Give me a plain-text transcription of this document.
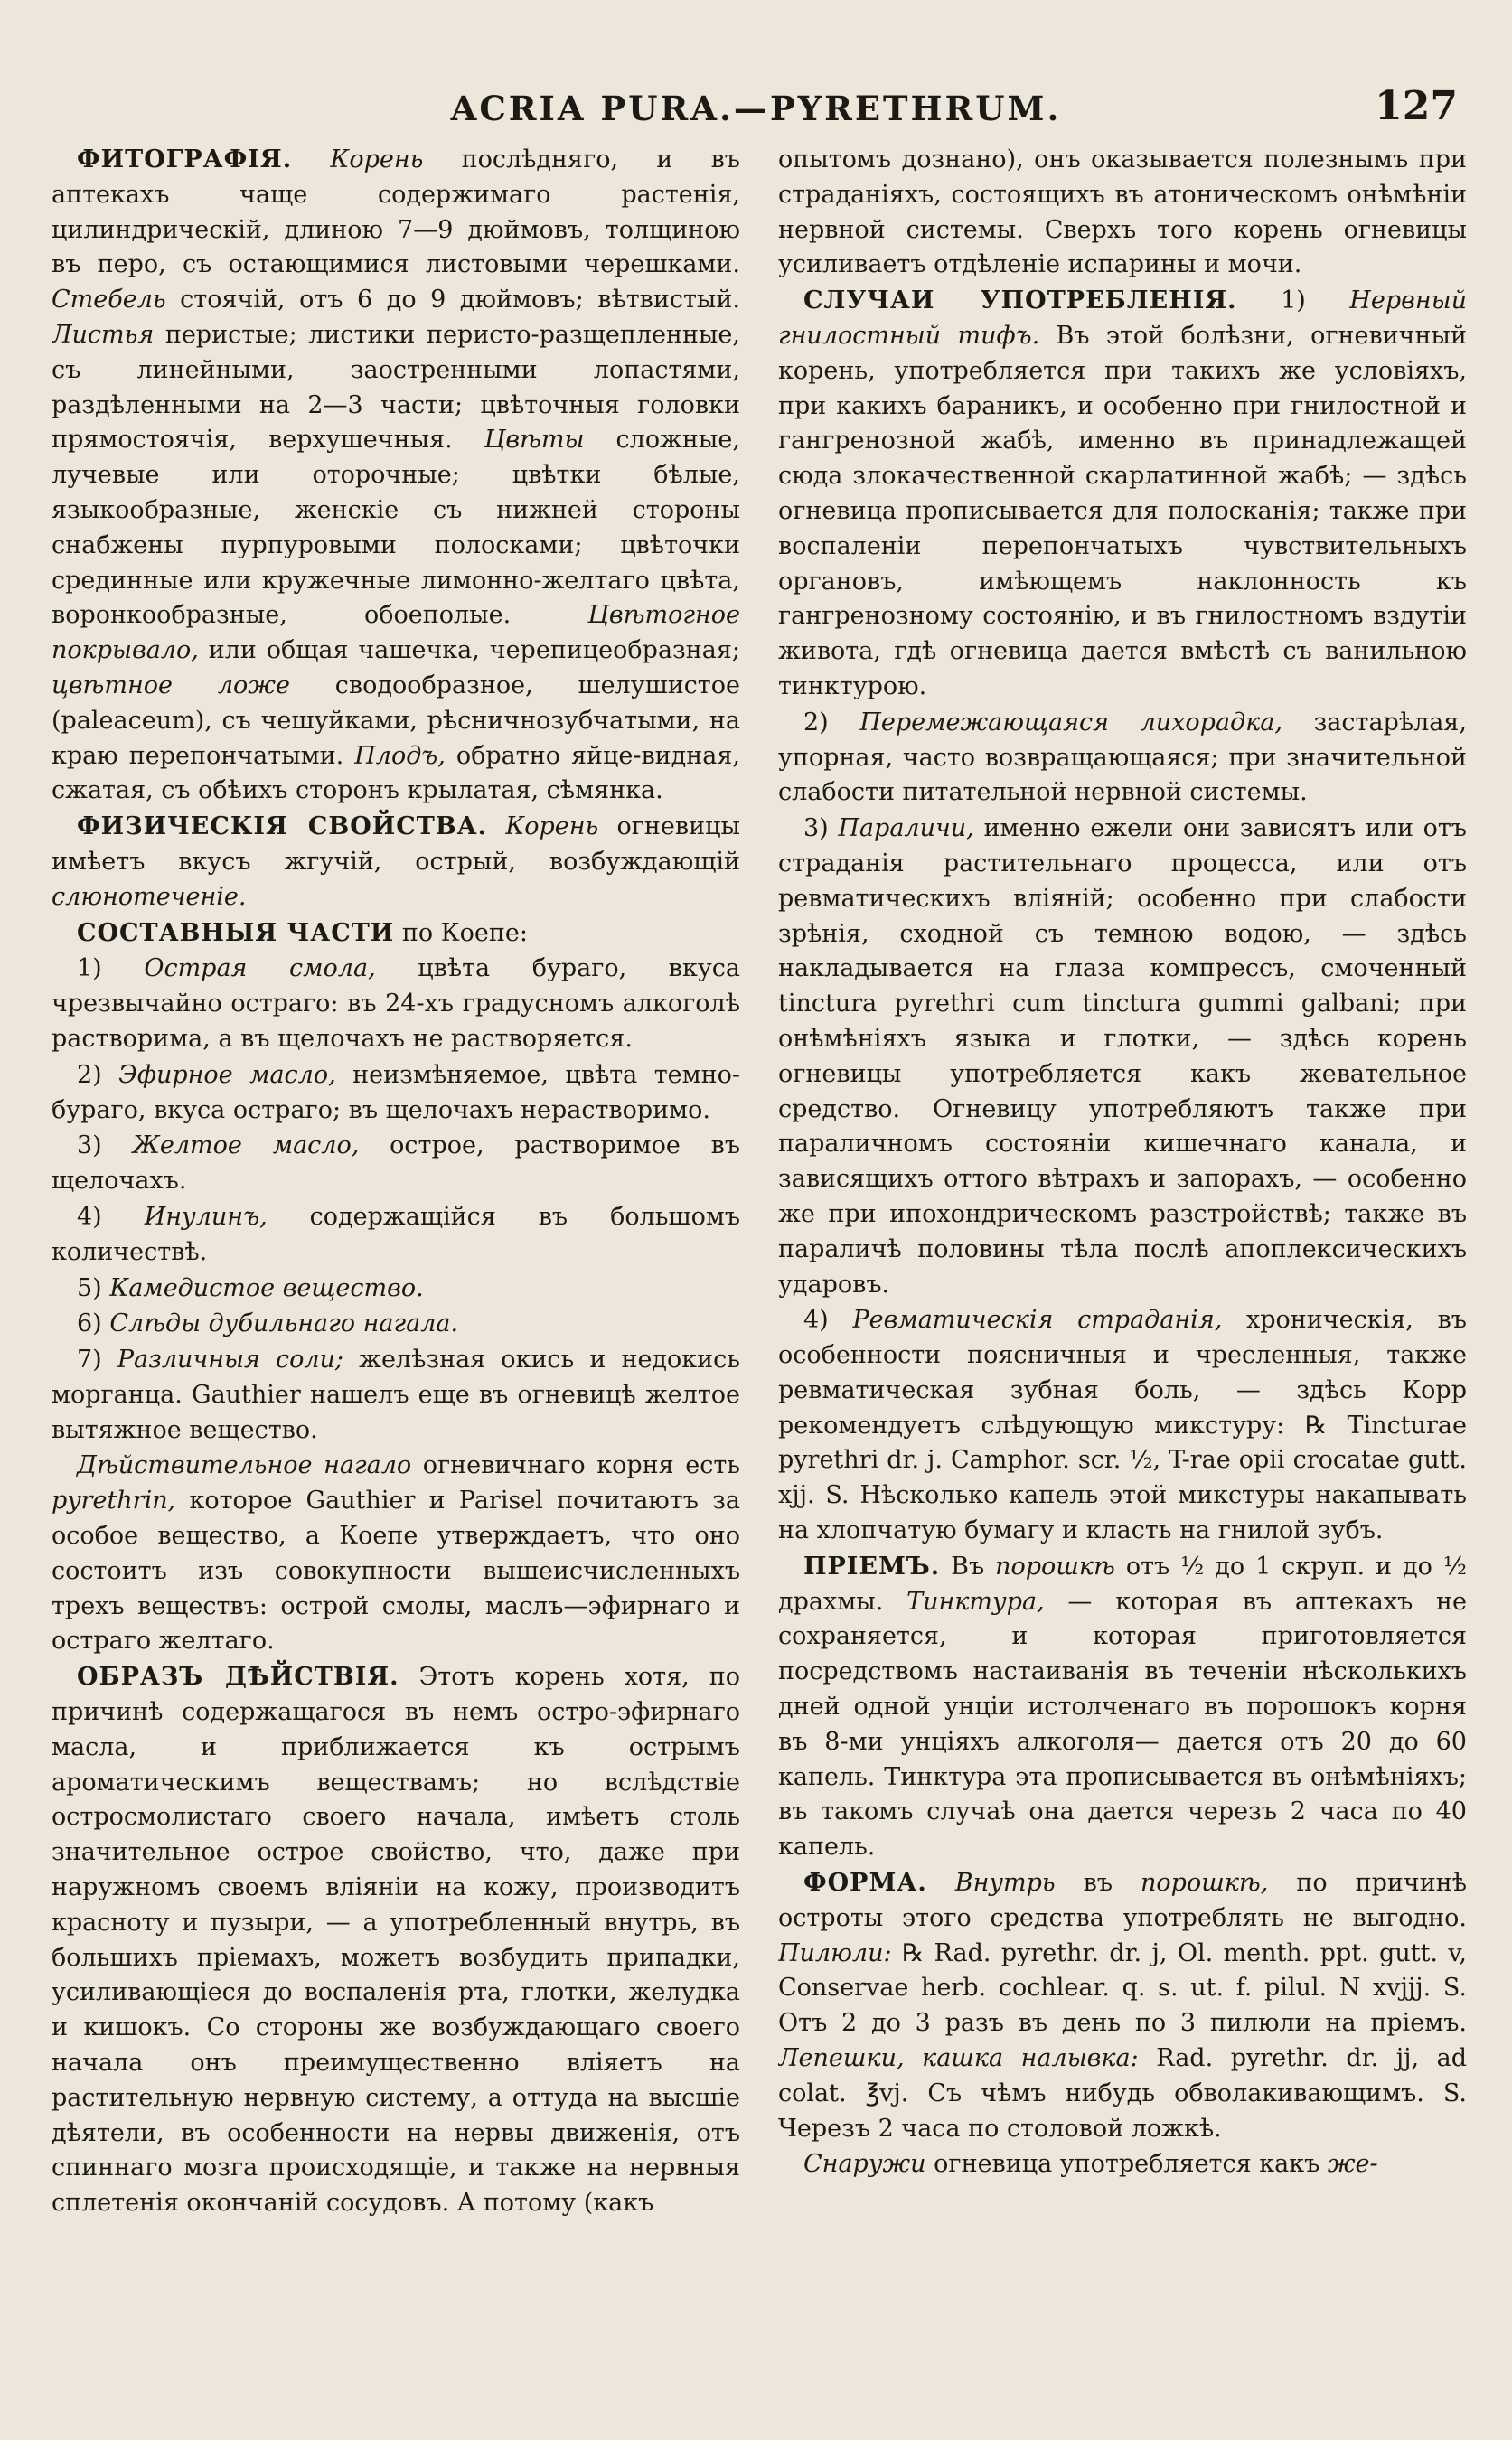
ACRIA PURA.—PYRETHRUM.	127

ФИТОГРАФІЯ. Корень послѣдняго, и въ аптекахъ чаще содержимаго растенія, цилиндрическій, длиною 7—9 дюймовъ, толщиною въ перо, съ остающимися листовыми черешками. Стебель стоячій, отъ 6 до 9 дюймовъ; вѣтвистый. Листья перистые; листики перисто-разщепленные, съ линейными, заостренными лопастями, раздѣленными на 2—3 части; цвѣточныя головки прямостоячія, верхушечныя. Цвѣты сложные, лучевые или оторочные; цвѣтки бѣлые, языкообразные, женскіе съ нижней стороны снабжены пурпуровыми полосками; цвѣточки срединные или кружечные лимонно-желтаго цвѣта, воронкообразные, обоеполые.	Цвѣтогное покрывало, или общая чашечка, черепицеобразная; цвѣтное ложе сводообразное, шелушистое (paleaceum), съ чешуйками, рѣсничнозубчатыми, на краю перепончатыми. Плодъ, обратно яйце-видная, сжатая, съ обѣихъ сторонъ крылатая, сѣмянка.

ФИЗИЧЕСКІЯ СВОЙСТВА. Корень огневицы имѣетъ вкусъ жгучій, острый, возбуждающій слюнотеченіе.

СОСТАВНЫЯ ЧАСТИ по Коепе:

1) Острая смола, цвѣта бураго, вкуса чрезвычайно остраго: въ 24-хъ градусномъ алкоголѣ растворима, а въ щелочахъ не растворяется.

2) Эфирное масло, неизмѣняемое, цвѣта темно-бураго, вкуса остраго; въ щелочахъ нерастворимо.

3) Желтое масло, острое, растворимое въ щелочахъ.

4) Инулинъ, содержащійся въ большомъ количествѣ.

5) Камедистое вещество.

6) Слѣды дубильнаго нагала.

7) Различныя соли; желѣзная окись и недокись морганца. Gauthier нашелъ еще въ огневицѣ желтое вытяжное вещество.

Дѣйствительное нагало огневичнаго корня есть pyrethrin, которое Gauthier и Parisel почитаютъ за особое вещество, а Коепе утверждаетъ, что оно состоитъ изъ совокупности вышеисчисленныхъ трехъ веществъ: острой смолы, маслъ—эфирнаго и остраго желтаго.

ОБРАЗЪ ДѢЙСТВІЯ. Этотъ корень хотя, по причинѣ содержащагося въ немъ остро-эфирнаго масла, и приближается къ острымъ ароматическимъ веществамъ; но вслѣдствіе остросмолистаго своего начала, имѣетъ столь значительное острое свойство, что, даже при наружномъ своемъ вліяніи на кожу, производитъ краснoту и пузыри, — а употребленный внутрь, въ большихъ пріемахъ, можетъ возбудить припадки, усиливающіеся до воспаленія рта, глотки, желудка и кишокъ. Со стороны же возбуждающаго своего начала онъ преимущественно вліяетъ на растительную нервную систему, а оттуда на высшіе дѣятели, въ особенности на нервы движенія, отъ спиннаго мозга происходящіе, и также на нервныя сплетенія окончаній сосудовъ. А потому (какъ

опытомъ дознано), онъ оказывается полезнымъ при страданіяхъ, состоящихъ въ атоническомъ онѣмѣніи нервной системы. Сверхъ того корень огневицы усиливаетъ отдѣленіе испарины и мочи.

СЛУЧАИ УПОТРЕБЛЕНІЯ. 1) Нервный гнилостный тифъ. Въ этой болѣзни, огневичный корень, употребляется при такихъ же условіяхъ, при какихъ бараникъ, и особенно при гнилостной и гангренозной жабѣ, именно въ принадлежащей сюда злокачественной скарлатинной жабѣ; — здѣсь огневица прописывается для полосканія; также при воспаленіи перепончатыхъ чувствительныхъ органовъ, имѣющемъ наклонность къ гангренозному состоянію, и въ гнилостномъ вздутіи живота, гдѣ огневица дается вмѣстѣ съ ванильною тинктурою.

2) Перемежающаяся лихорадка, застарѣлая, упорная, часто возвращающаяся; при значительной слабости питательной нервной системы.

3) Параличи, именно ежели они зависятъ или отъ страданія растительнаго процесса, или отъ ревматическихъ вліяній; особенно при слабости зрѣнія, сходной съ темною водою, — здѣсь накладывается на глаза компрессъ, смоченный tinctura pyrethri cum tinctura gummi galbani; при онѣмѣніяхъ языка и глотки, — здѣсь корень огневицы употребляется какъ жевательное средство. Огневицу употребляютъ также при параличномъ состояніи кишечнаго канала, и зависящихъ оттого вѣтрахъ и запорахъ, — особенно же при ипохондрическомъ разстройствѣ; также въ параличѣ половины тѣла послѣ апоплексическихъ ударовъ.

4) Ревматическія страданія, хроническія, въ особенности поясничныя и чресленныя, также ревматическая зубная боль, — здѣсь Корр рекомендуетъ слѣдующую микстуру: ℞ Tincturae pyrethri dr. j. Camphor. scr. ½, T-rae opii crocatae gutt. xjj. S. Нѣсколько капель этой микстуры накапывать на хлопчатую бумагу и класть на гнилой зубъ.

ПРІЕМЪ. Въ порошкѣ отъ ½ до 1 скруп. и до ½ драхмы. Тинктура, — которая въ аптекахъ не сохраняется, и которая приготовляется посредствомъ настаиванія въ теченіи нѣсколькихъ дней одной унціи истолченаго въ порошокъ корня въ 8-ми унціяхъ алкоголя— дается отъ 20 до 60 капель. Тинктура эта прописывается въ онѣмѣніяхъ; въ такомъ случаѣ она дается черезъ 2 часа по 40 капель.

ФОРМА. Внутрь въ порошкѣ, по причинѣ остроты этого средства употреблять не выгодно. Пилюли: ℞ Rad. pyrethr. dr. j, Ol. menth. ppt. gutt. v, Conservae herb. cochlear. q. s. ut. f. pilul. N xvjjj. S. Отъ 2 до 3 разъ въ день по 3 пилюли на пріемъ. Лепешки, кашка налывка: Rad. pyrethr. dr. jj, ad colat. ℥vj. Съ чѣмъ нибудь обволакивающимъ. S. Черезъ 2 часа по столовой ложкѣ.

Снаружи огневица употребляется какъ же-
